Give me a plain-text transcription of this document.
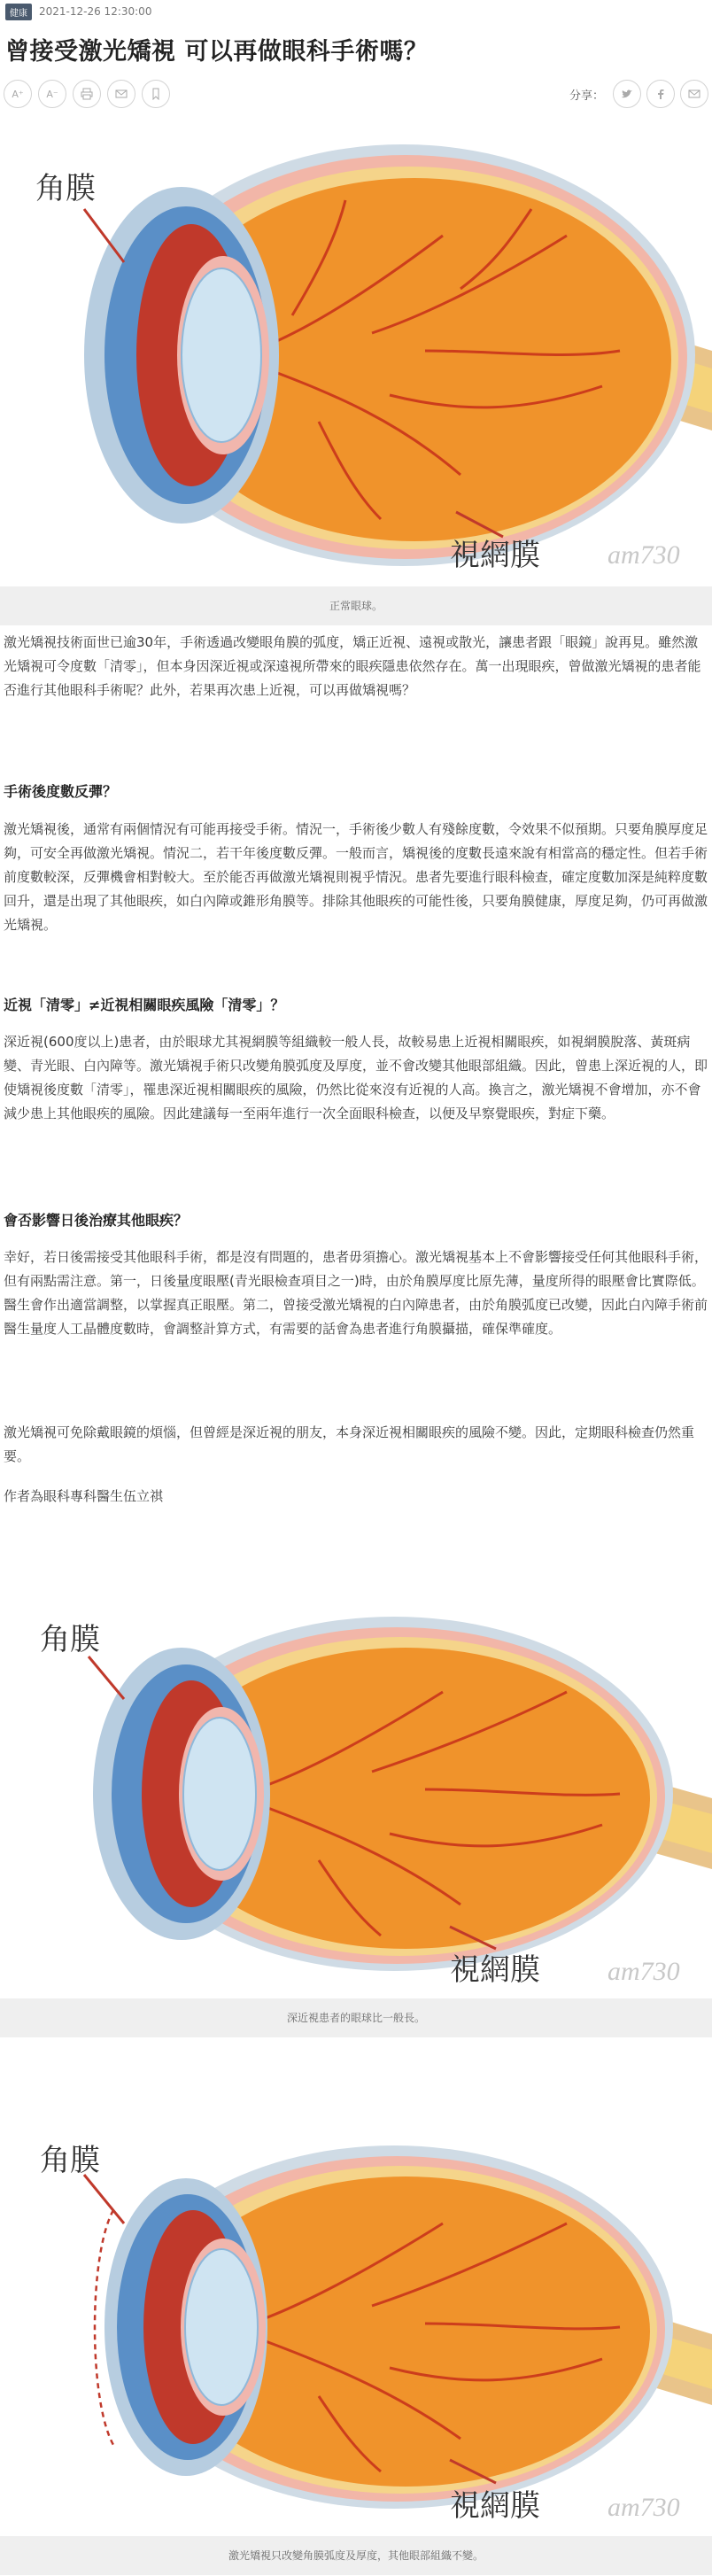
健康	2021-12-26 12:30:00
曾接受激光矯視 可以再做眼科手術嗎？
A⁺ A⁻	分享：
角膜
視網膜	am730
正常眼球。

激光矯視技術面世已逾30年，手術透過改變眼角膜的弧度，矯正近視、遠視或散光，讓患者跟「眼鏡」說再見。雖然激光矯視可令度數「清零」，但本身因深近視或深遠視所帶來的眼疾隱患依然存在。萬一出現眼疾，曾做激光矯視的患者能否進行其他眼科手術呢？此外，若果再次患上近視，可以再做矯視嗎？

手術後度數反彈？

激光矯視後，通常有兩個情況有可能再接受手術。情況一，手術後少數人有殘餘度數，令效果不似預期。只要角膜厚度足夠，可安全再做激光矯視。情況二，若干年後度數反彈。一般而言，矯視後的度數長遠來說有相當高的穩定性。但若手術前度數較深，反彈機會相對較大。至於能否再做激光矯視則視乎情況。患者先要進行眼科檢查，確定度數加深是純粹度數回升，還是出現了其他眼疾，如白內障或錐形角膜等。排除其他眼疾的可能性後，只要角膜健康，厚度足夠，仍可再做激光矯視。

近視「清零」≠近視相關眼疾風險「清零」？

深近視(600度以上)患者，由於眼球尤其視網膜等組織較一般人長，故較易患上近視相關眼疾，如視網膜脫落、黃斑病變、青光眼、白內障等。激光矯視手術只改變角膜弧度及厚度，並不會改變其他眼部組織。因此，曾患上深近視的人，即使矯視後度數「清零」，罹患深近視相關眼疾的風險，仍然比從來沒有近視的人高。換言之，激光矯視不會增加，亦不會減少患上其他眼疾的風險。因此建議每一至兩年進行一次全面眼科檢查，以便及早察覺眼疾，對症下藥。

會否影響日後治療其他眼疾？

幸好，若日後需接受其他眼科手術，都是沒有問題的，患者毋須擔心。激光矯視基本上不會影響接受任何其他眼科手術，但有兩點需注意。第一，日後量度眼壓(青光眼檢查項目之一)時，由於角膜厚度比原先薄，量度所得的眼壓會比實際低。醫生會作出適當調整，以掌握真正眼壓。第二，曾接受激光矯視的白內障患者，由於角膜弧度已改變，因此白內障手術前醫生量度人工晶體度數時，會調整計算方式，有需要的話會為患者進行角膜攝描，確保準確度。

激光矯視可免除戴眼鏡的煩惱，但曾經是深近視的朋友，本身深近視相關眼疾的風險不變。因此，定期眼科檢查仍然重要。

作者為眼科專科醫生伍立祺

角膜
視網膜	am730
深近視患者的眼球比一般長。
角膜
視網膜	am730
激光矯視只改變角膜弧度及厚度，其他眼部組織不變。
